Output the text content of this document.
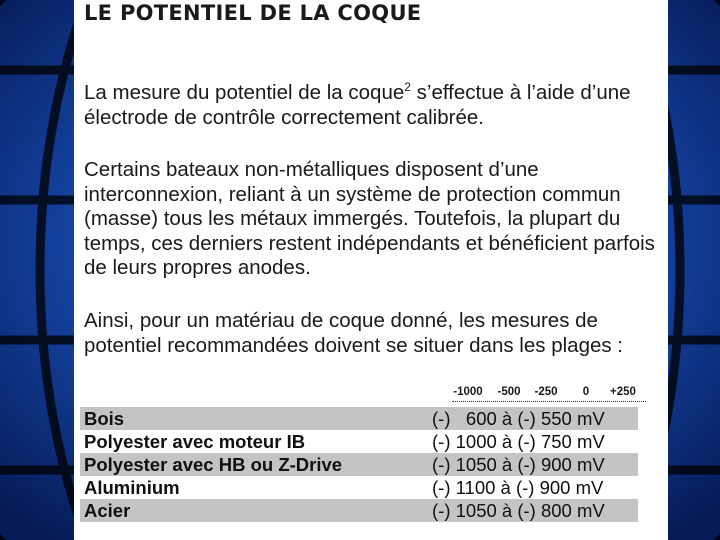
LE POTENTIEL DE LA COQUE

La mesure du potentiel de la coque$^2$ s’effectue à l’aide d’une électrode de contrôle correctement calibrée.

Certains bateaux non-métalliques disposent d’une interconnexion, reliant à un système de protection commun (masse) tous les métaux immergés. Toutefois, la plupart du temps, ces derniers restent indépendants et bénéficient parfois de leurs propres anodes.

Ainsi, pour un matériau de coque donné, les mesures de potentiel recommandées doivent se situer dans les plages :

-1000 -500 -250 0 +250
Bois	(-)   600 à (-) 550 mV
Polyester avec moteur IB	(-) 1000 à (-) 750 mV
Polyester avec HB ou Z-Drive	(-) 1050 à (-) 900 mV
Aluminium	(-) 1100 à (-) 900 mV
Acier	(-) 1050 à (-) 800 mV
